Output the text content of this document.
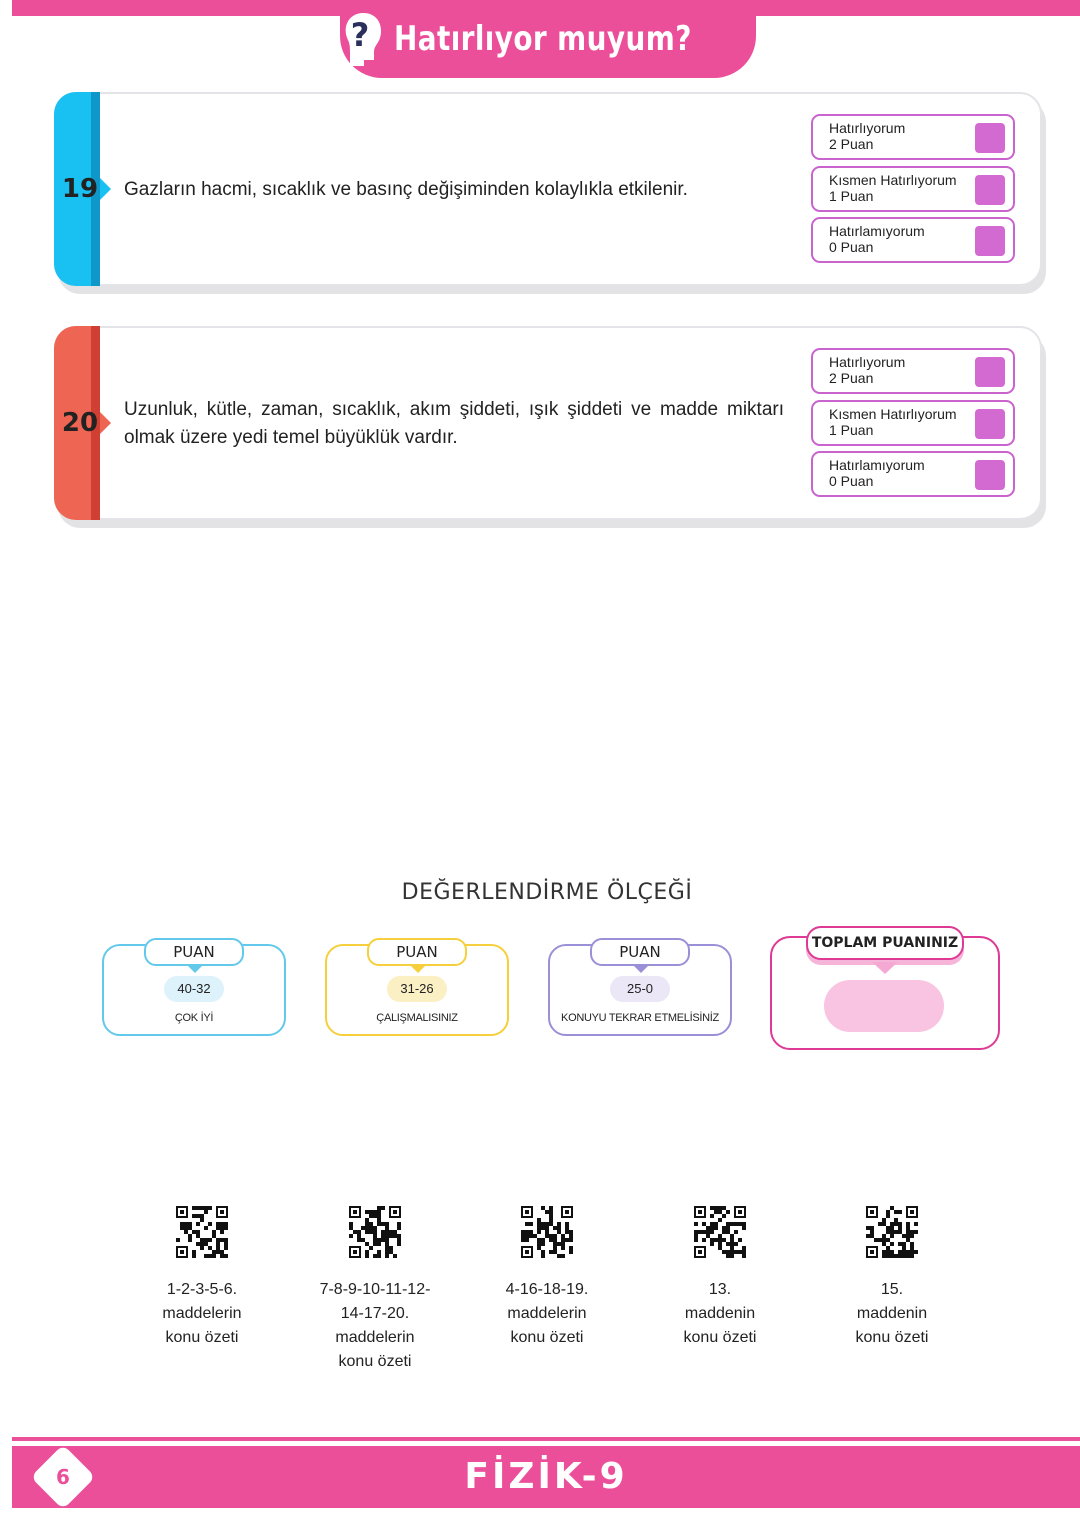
? Hatırlıyor muyum?
19 Gazların hacmi, sıcaklık ve basınç değişiminden kolaylıkla etkilenir.
Hatırlıyorum
2 Puan
Kısmen Hatırlıyorum
1 Puan
Hatırlamıyorum
0 Puan
20 Uzunluk, kütle, zaman, sıcaklık, akım şiddeti, ışık şiddeti ve madde miktarı olmak üzere yedi temel büyüklük vardır.
Hatırlıyorum
2 Puan
Kısmen Hatırlıyorum
1 Puan
Hatırlamıyorum
0 Puan
DEĞERLENDİRME ÖLÇEĞİ
PUAN
40-32
ÇOK İYİ
PUAN
31-26
ÇALIŞMALISINIZ
PUAN
25-0
KONUYU TEKRAR ETMELİSİNİZ
TOPLAM PUANINIZ
1-2-3-5-6.
maddelerin
konu özeti
7-8-9-10-11-12-
14-17-20.
maddelerin
konu özeti
4-16-18-19.
maddelerin
konu özeti
13.
maddenin
konu özeti
15.
maddenin
konu özeti
6	FİZİK-9
